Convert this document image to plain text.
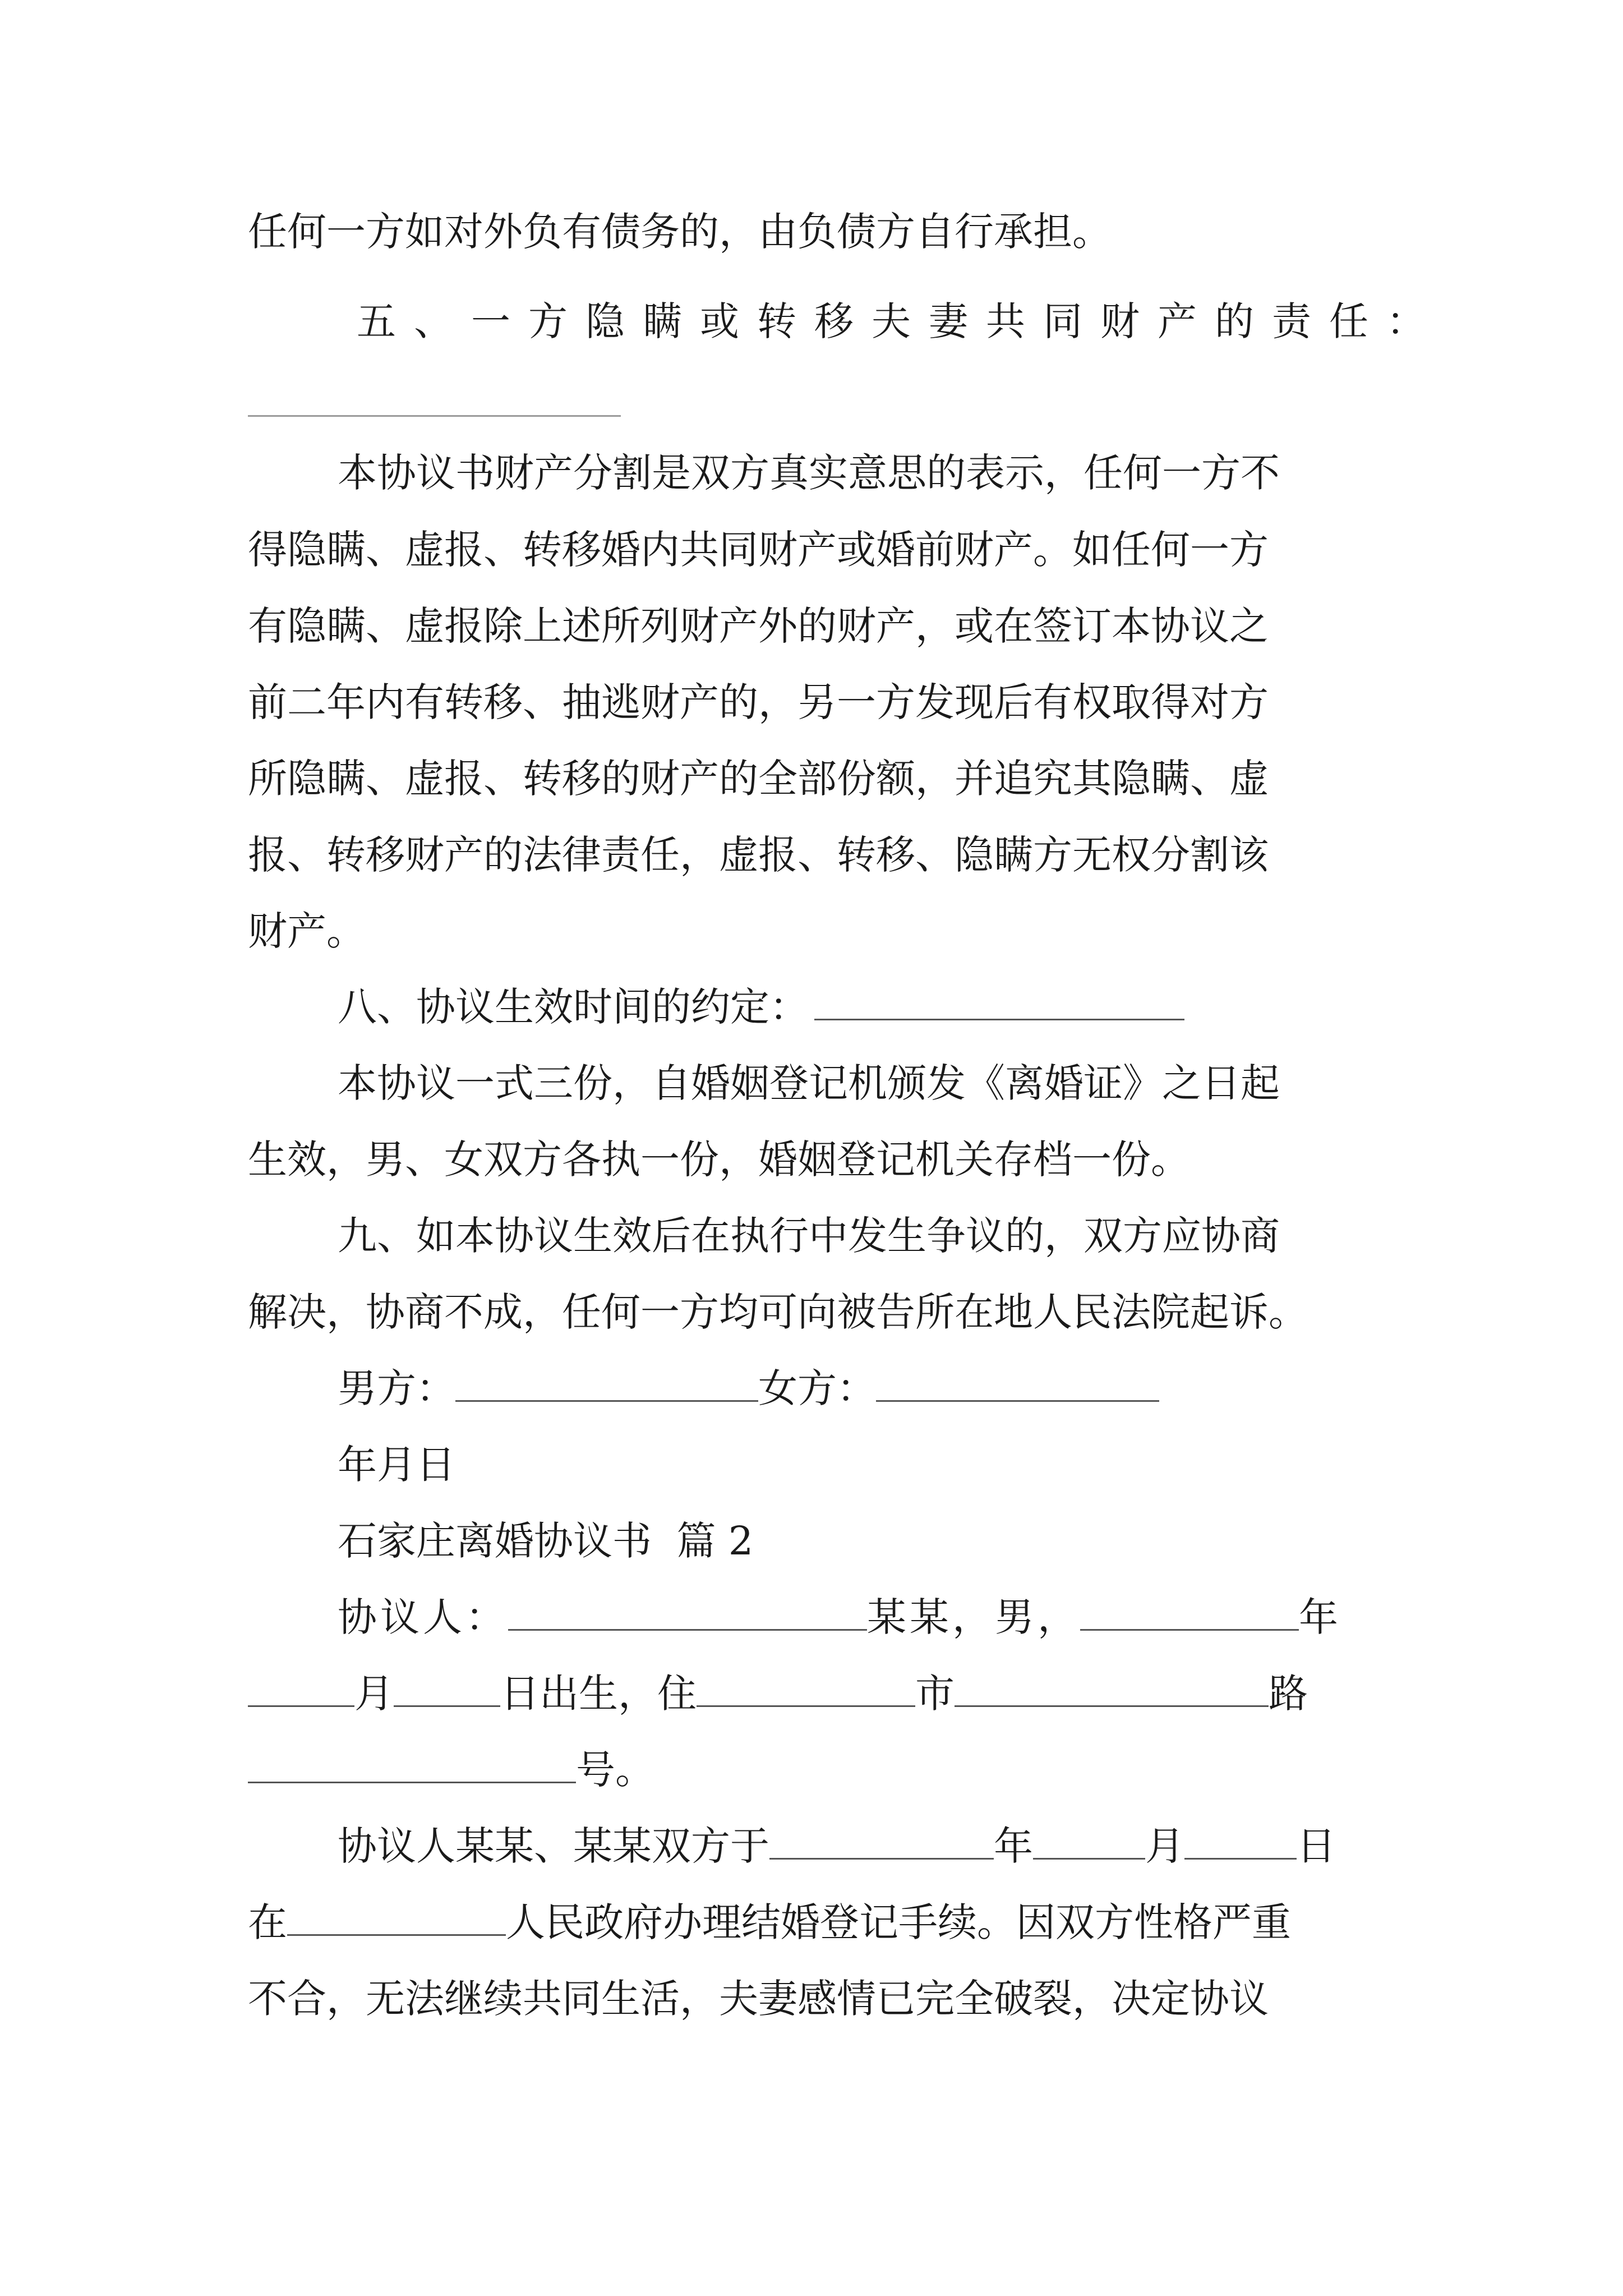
任何一方如对外负有债务的，由负债方自行承担。

五、一方隐瞒或转移夫妻共同财产的责任：

本协议书财产分割是双方真实意思的表示，任何一方不

得隐瞒、虚报、转移婚内共同财产或婚前财产。如任何一方

有隐瞒、虚报除上述所列财产外的财产，或在签订本协议之

前二年内有转移、抽逃财产的，另一方发现后有权取得对方

所隐瞒、虚报、转移的财产的全部份额，并追究其隐瞒、虚

报、转移财产的法律责任，虚报、转移、隐瞒方无权分割该

财产。

八、协议生效时间的约定：

本协议一式三份，自婚姻登记机颁发《离婚证》之日起

生效，男、女双方各执一份，婚姻登记机关存档一份。

九、如本协议生效后在执行中发生争议的，双方应协商

解决，协商不成，任何一方均可向被告所在地人民法院起诉。

男方：	女方：

年月日

石家庄离婚协议书  篇 2

协议人：	某某，男，	年

月	日出生，住	市	路

号。

协议人某某、某某双方于	年	月	日

在	人民政府办理结婚登记手续。因双方性格严重

不合，无法继续共同生活，夫妻感情已完全破裂，决定协议
